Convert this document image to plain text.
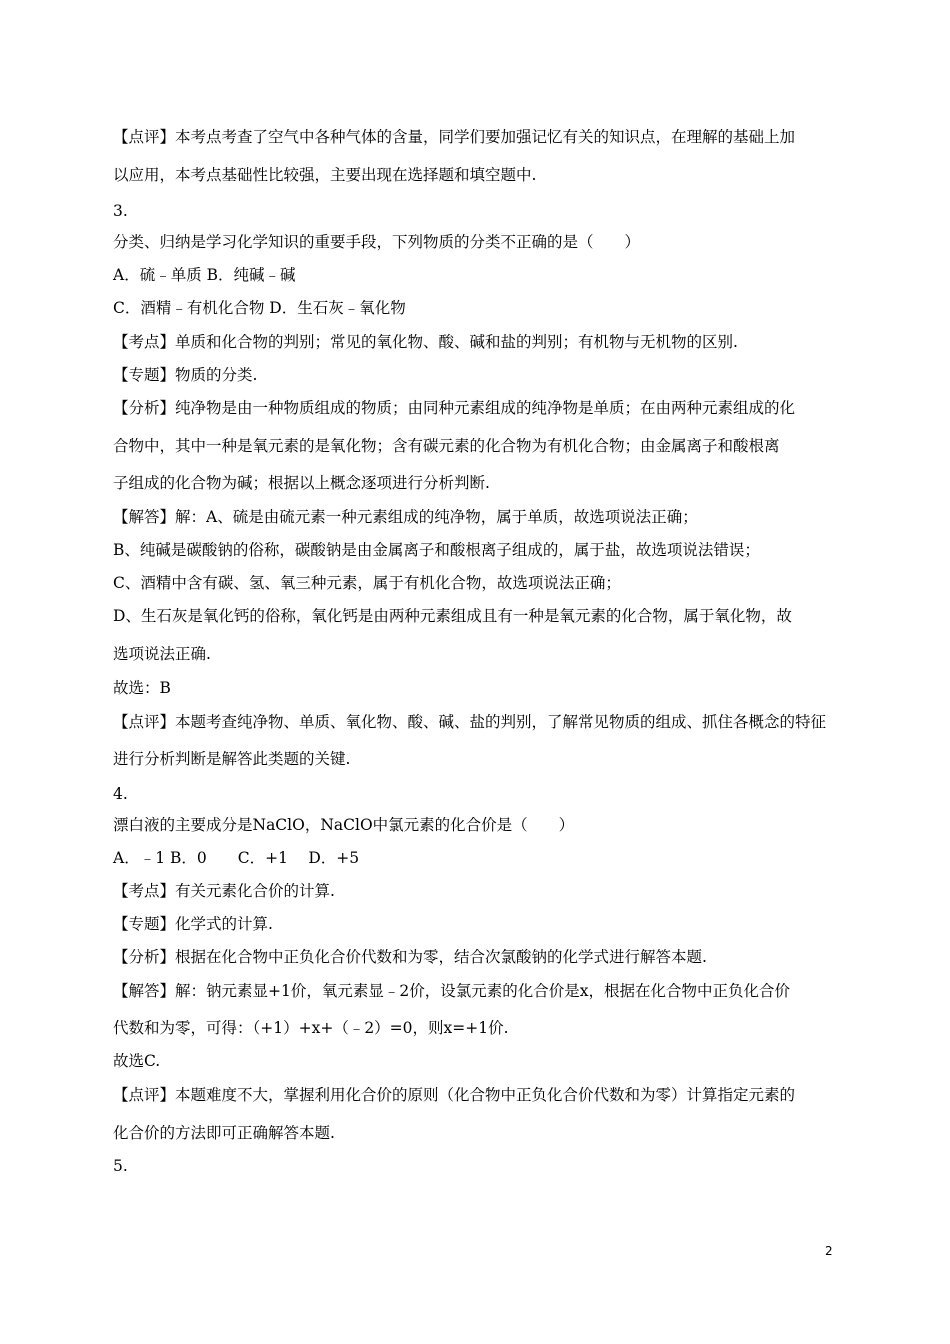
【点评】本考点考查了空气中各种气体的含量，同学们要加强记忆有关的知识点，在理解的基础上加
以应用，本考点基础性比较强，主要出现在选择题和填空题中.
3.
分类、归纳是学习化学知识的重要手段，下列物质的分类不正确的是（　　）
A．硫﹣单质 B．纯碱﹣碱
C．酒精﹣有机化合物 D．生石灰﹣氧化物
【考点】单质和化合物的判别；常见的氧化物、酸、碱和盐的判别；有机物与无机物的区别.
【专题】物质的分类.
【分析】纯净物是由一种物质组成的物质；由同种元素组成的纯净物是单质；在由两种元素组成的化
合物中，其中一种是氧元素的是氧化物；含有碳元素的化合物为有机化合物；由金属离子和酸根离
子组成的化合物为碱；根据以上概念逐项进行分析判断.
【解答】解：A、硫是由硫元素一种元素组成的纯净物，属于单质，故选项说法正确；
B、纯碱是碳酸钠的俗称，碳酸钠是由金属离子和酸根离子组成的，属于盐，故选项说法错误；
C、酒精中含有碳、氢、氧三种元素，属于有机化合物，故选项说法正确；
D、生石灰是氧化钙的俗称，氧化钙是由两种元素组成且有一种是氧元素的化合物，属于氧化物，故
选项说法正确.
故选：B
【点评】本题考查纯净物、单质、氧化物、酸、碱、盐的判别，了解常见物质的组成、抓住各概念的特征
进行分析判断是解答此类题的关键.
4.
漂白液的主要成分是NaClO，NaClO中氯元素的化合价是（　　）
A．﹣1 B．0　　C．+1　 D．+5
【考点】有关元素化合价的计算.
【专题】化学式的计算.
【分析】根据在化合物中正负化合价代数和为零，结合次氯酸钠的化学式进行解答本题.
【解答】解：钠元素显+1价，氧元素显﹣2价，设氯元素的化合价是x，根据在化合物中正负化合价
代数和为零，可得：（+1）+x+（﹣2）=0，则x=+1价.
故选C.
【点评】本题难度不大，掌握利用化合价的原则（化合物中正负化合价代数和为零）计算指定元素的
化合价的方法即可正确解答本题.
5.
2
